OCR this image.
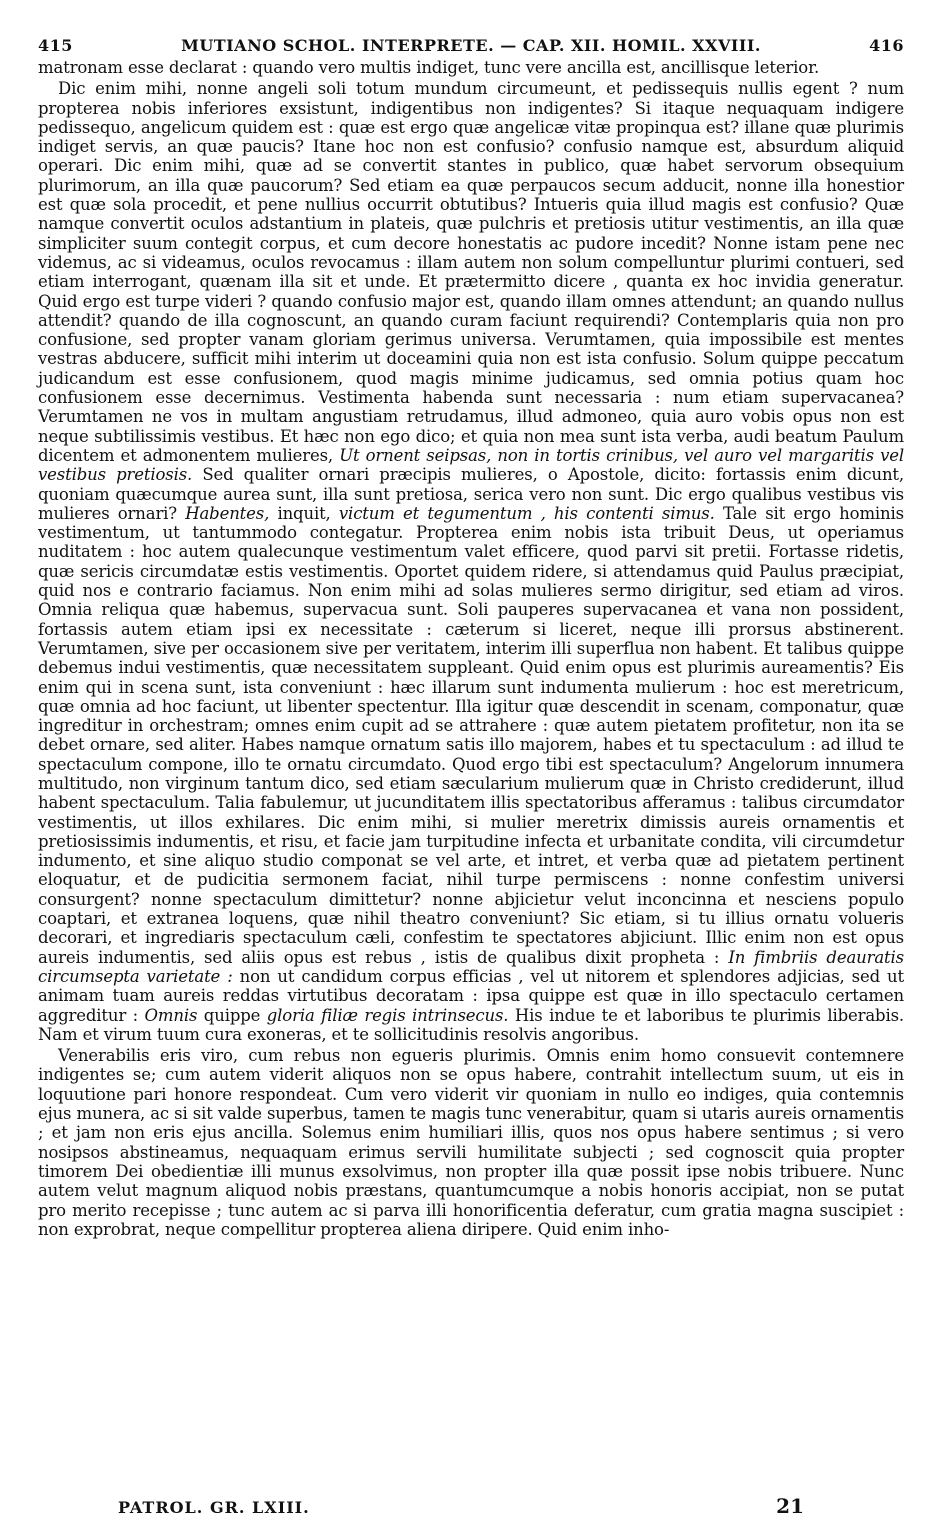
415	MUTIANO SCHOL. INTERPRETE. — CAP. XII. HOMIL. XXVIII.	416

matronam esse declarat : quando vero multis indiget, tunc vere ancilla est, ancillisque leterior.

Dic enim mihi, nonne angeli soli totum mundum circumeunt, et pedissequis nullis egent ? num propterea nobis inferiores exsistunt, indigentibus non indigentes? Si itaque nequaquam indigere pedissequo, angelicum quidem est : quæ est ergo quæ angelicæ vitæ propinqua est? illane quæ plurimis indiget servis, an quæ paucis? Itane hoc non est confusio? confusio namque est, absurdum aliquid operari. Dic enim mihi, quæ ad se convertit stantes in publico, quæ habet servorum obsequium plurimorum, an illa quæ paucorum? Sed etiam ea quæ perpaucos secum adducit, nonne illa honestior est quæ sola procedit, et pene nullius occurrit obtutibus? Intueris quia illud magis est confusio? Quæ namque convertit oculos adstantium in plateis, quæ pulchris et pretiosis utitur vestimentis, an illa quæ simpliciter suum contegit corpus, et cum decore honestatis ac pudore incedit? Nonne istam pene nec videmus, ac si videamus, oculos revocamus : illam autem non solum compelluntur plurimi contueri, sed etiam interrogant, quænam illa sit et unde. Et prætermitto dicere , quanta ex hoc invidia generatur. Quid ergo est turpe videri ? quando confusio major est, quando illam omnes attendunt; an quando nullus attendit? quando de illa cognoscunt, an quando curam faciunt requirendi? Contemplaris quia non pro confusione, sed propter vanam gloriam gerimus universa. Verumtamen, quia impossibile est mentes vestras abducere, sufficit mihi interim ut doceamini quia non est ista confusio. Solum quippe peccatum judicandum est esse confusionem, quod magis minime judicamus, sed omnia potius quam hoc confusionem esse decernimus. Vestimenta habenda sunt necessaria : num etiam supervacanea? Verumtamen ne vos in multam angustiam retrudamus, illud admoneo, quia auro vobis opus non est neque subtilissimis vestibus. Et hæc non ego dico; et quia non mea sunt ista verba, audi beatum Paulum dicentem et admonentem mulieres, Ut ornent seipsas, non in tortis crinibus, vel auro vel margaritis vel vestibus pretiosis. Sed qualiter ornari præcipis mulieres, o Apostole, dicito: fortassis enim dicunt, quoniam quæcumque aurea sunt, illa sunt pretiosa, serica vero non sunt. Dic ergo qualibus vestibus vis mulieres ornari? Habentes, inquit, victum et tegumentum , his contenti simus. Tale sit ergo hominis vestimentum, ut tantummodo contegatur. Propterea enim nobis ista tribuit Deus, ut operiamus nuditatem : hoc autem qualecunque vestimentum valet efficere, quod parvi sit pretii. Fortasse ridetis, quæ sericis circumdatæ estis vestimentis. Oportet quidem ridere, si attendamus quid Paulus præcipiat, quid nos e contrario faciamus. Non enim mihi ad solas mulieres sermo dirigitur, sed etiam ad viros. Omnia reliqua quæ habemus, supervacua sunt. Soli pauperes supervacanea et vana non possident, fortassis autem etiam ipsi ex necessitate : cæterum si liceret, neque illi prorsus abstinerent. Verumtamen, sive per occasionem sive per veritatem, interim illi superflua non habent. Et talibus quippe debemus indui vestimentis, quæ necessitatem suppleant. Quid enim opus est plurimis aureamentis? Eis enim qui in scena sunt, ista conveniunt : hæc illarum sunt indumenta mulierum : hoc est meretricum, quæ omnia ad hoc faciunt, ut libenter spectentur. Illa igitur quæ descendit in scenam, componatur, quæ ingreditur in orchestram; omnes enim cupit ad se attrahere : quæ autem pietatem profitetur, non ita se debet ornare, sed aliter. Habes namque ornatum satis illo majorem, habes et tu spectaculum : ad illud te spectaculum compone, illo te ornatu circumdato. Quod ergo tibi est spectaculum? Angelorum innumera multitudo, non virginum tantum dico, sed etiam sæcularium mulierum quæ in Christo crediderunt, illud habent spectaculum. Talia fabulemur, ut jucunditatem illis spectatoribus afferamus : talibus circumdator vestimentis, ut illos exhilares. Dic enim mihi, si mulier meretrix dimissis aureis ornamentis et pretiosissimis indumentis, et risu, et facie jam turpitudine infecta et urbanitate condita, vili circumdetur indumento, et sine aliquo studio componat se vel arte, et intret, et verba quæ ad pietatem pertinent eloquatur, et de pudicitia sermonem faciat, nihil turpe permiscens : nonne confestim universi consurgent? nonne spectaculum dimittetur? nonne abjicietur velut inconcinna et nesciens populo coaptari, et extranea loquens, quæ nihil theatro conveniunt? Sic etiam, si tu illius ornatu volueris decorari, et ingrediaris spectaculum cæli, confestim te spectatores abjiciunt. Illic enim non est opus aureis indumentis, sed aliis opus est rebus , istis de qualibus dixit propheta : In fimbriis deauratis circumsepta varietate : non ut candidum corpus efficias , vel ut nitorem et splendores adjicias, sed ut animam tuam aureis reddas virtutibus decoratam : ipsa quippe est quæ in illo spectaculo certamen aggreditur : Omnis quippe gloria filiæ regis intrinsecus. His indue te et laboribus te plurimis liberabis. Nam et virum tuum cura exoneras, et te sollicitudinis resolvis angoribus.

Venerabilis eris viro, cum rebus non egueris plurimis. Omnis enim homo consuevit contemnere indigentes se; cum autem viderit aliquos non se opus habere, contrahit intellectum suum, ut eis in loquutione pari honore respondeat. Cum vero viderit vir quoniam in nullo eo indiges, quia contemnis ejus munera, ac si sit valde superbus, tamen te magis tunc venerabitur, quam si utaris aureis ornamentis ; et jam non eris ejus ancilla. Solemus enim humiliari illis, quos nos opus habere sentimus ; si vero nosipsos abstineamus, nequaquam erimus servili humilitate subjecti ; sed cognoscit quia propter timorem Dei obedientiæ illi munus exsolvimus, non propter illa quæ possit ipse nobis tribuere. Nunc autem velut magnum aliquod nobis præstans, quantumcumque a nobis honoris accipiat, non se putat pro merito recepisse ; tunc autem ac si parva illi honorificentia deferatur, cum gratia magna suscipiet : non exprobrat, neque compellitur propterea aliena diripere. Quid enim inho-

PATROL. GR. LXIII.	21
